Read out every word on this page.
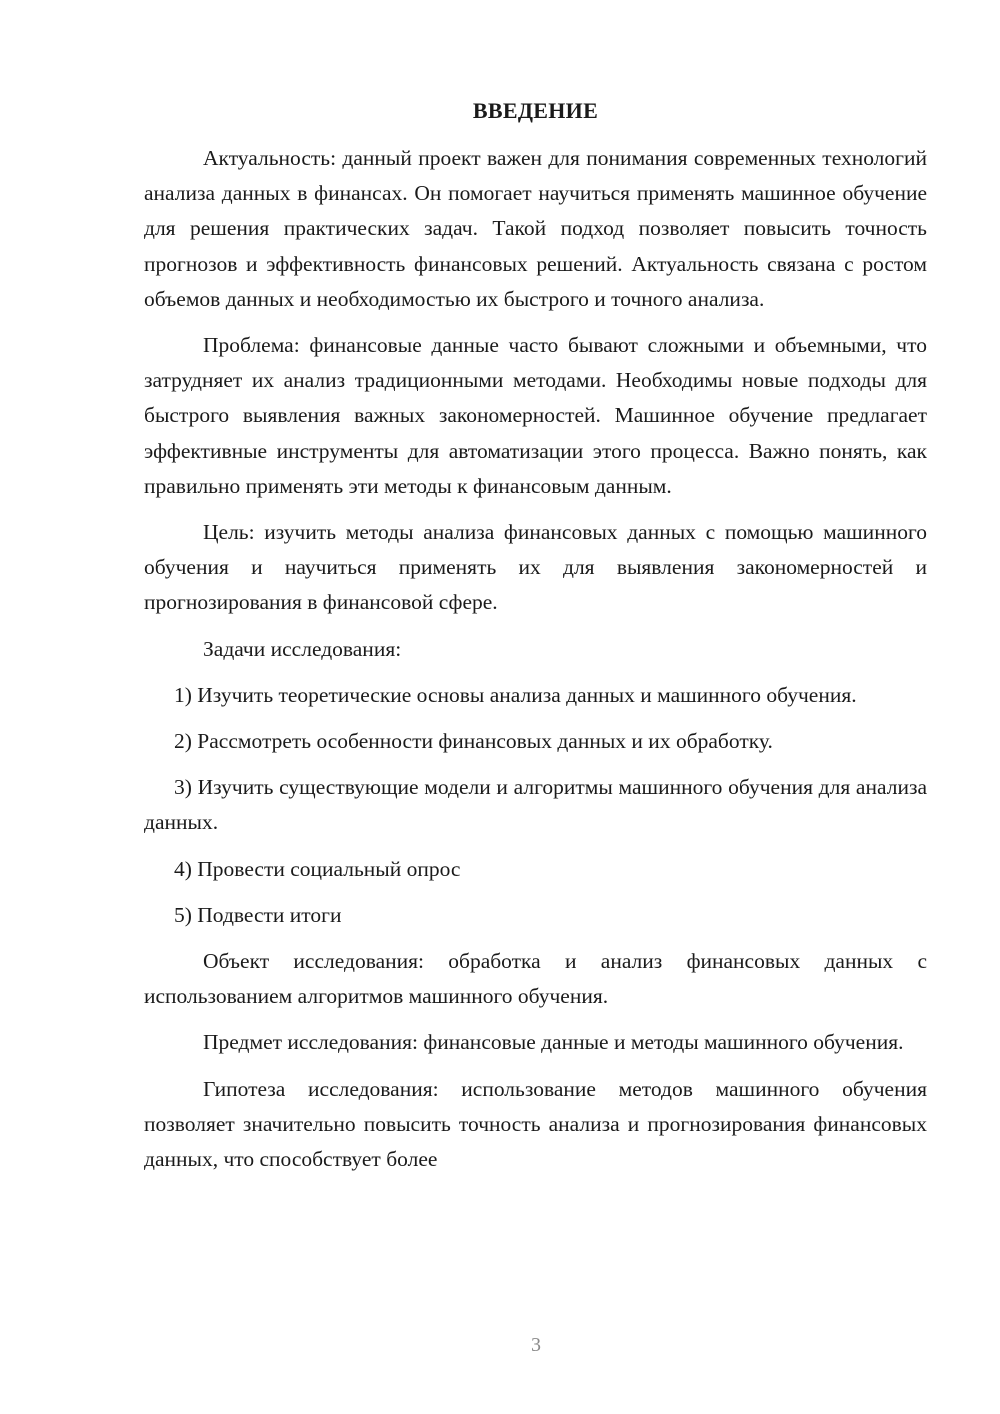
ВВЕДЕНИЕ

Актуальность: данный проект важен для понимания современных технологий анализа данных в финансах. Он помогает научиться применять машинное обучение для решения практических задач. Такой подход позволяет повысить точность прогнозов и эффективность финансовых решений. Актуальность связана с ростом объемов данных и необходимостью их быстрого и точного анализа.

Проблема: финансовые данные часто бывают сложными и объемными, что затрудняет их анализ традиционными методами. Необходимы новые подходы для быстрого выявления важных закономерностей. Машинное обучение предлагает эффективные инструменты для автоматизации этого процесса. Важно понять, как правильно применять эти методы к финансовым данным.

Цель: изучить методы анализа финансовых данных с помощью машинного обучения и научиться применять их для выявления закономерностей и прогнозирования в финансовой сфере.

Задачи исследования:

1) Изучить теоретические основы анализа данных и машинного обучения.

2) Рассмотреть особенности финансовых данных и их обработку.

3) Изучить существующие модели и алгоритмы машинного обучения для анализа данных.

4) Провести социальный опрос

5) Подвести итоги

Объект исследования: обработка и анализ финансовых данных с использованием алгоритмов машинного обучения.

Предмет исследования: финансовые данные и методы машинного обучения.

Гипотеза исследования: использование методов машинного обучения позволяет значительно повысить точность анализа и прогнозирования финансовых данных, что способствует более

3
